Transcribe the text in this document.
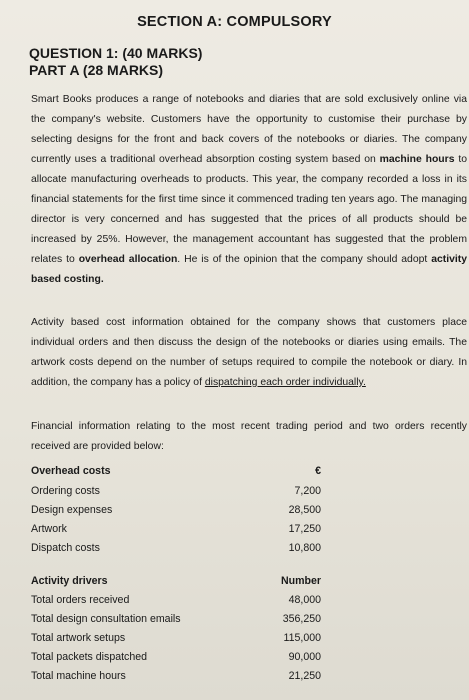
SECTION A: COMPULSORY
QUESTION 1: (40 MARKS)
PART A (28 MARKS)
Smart Books produces a range of notebooks and diaries that are sold exclusively online via the company's website. Customers have the opportunity to customise their purchase by selecting designs for the front and back covers of the notebooks or diaries. The company currently uses a traditional overhead absorption costing system based on machine hours to allocate manufacturing overheads to products. This year, the company recorded a loss in its financial statements for the first time since it commenced trading ten years ago. The managing director is very concerned and has suggested that the prices of all products should be increased by 25%. However, the management accountant has suggested that the problem relates to overhead allocation. He is of the opinion that the company should adopt activity based costing.
Activity based cost information obtained for the company shows that customers place individual orders and then discuss the design of the notebooks or diaries using emails. The artwork costs depend on the number of setups required to compile the notebook or diary. In addition, the company has a policy of dispatching each order individually.
Financial information relating to the most recent trading period and two orders recently received are provided below:
Overhead costs	€
Ordering costs	7,200
Design expenses	28,500
Artwork	17,250
Dispatch costs	10,800
Activity drivers	Number
Total orders received	48,000
Total design consultation emails	356,250
Total artwork setups	115,000
Total packets dispatched	90,000
Total machine hours	21,250
